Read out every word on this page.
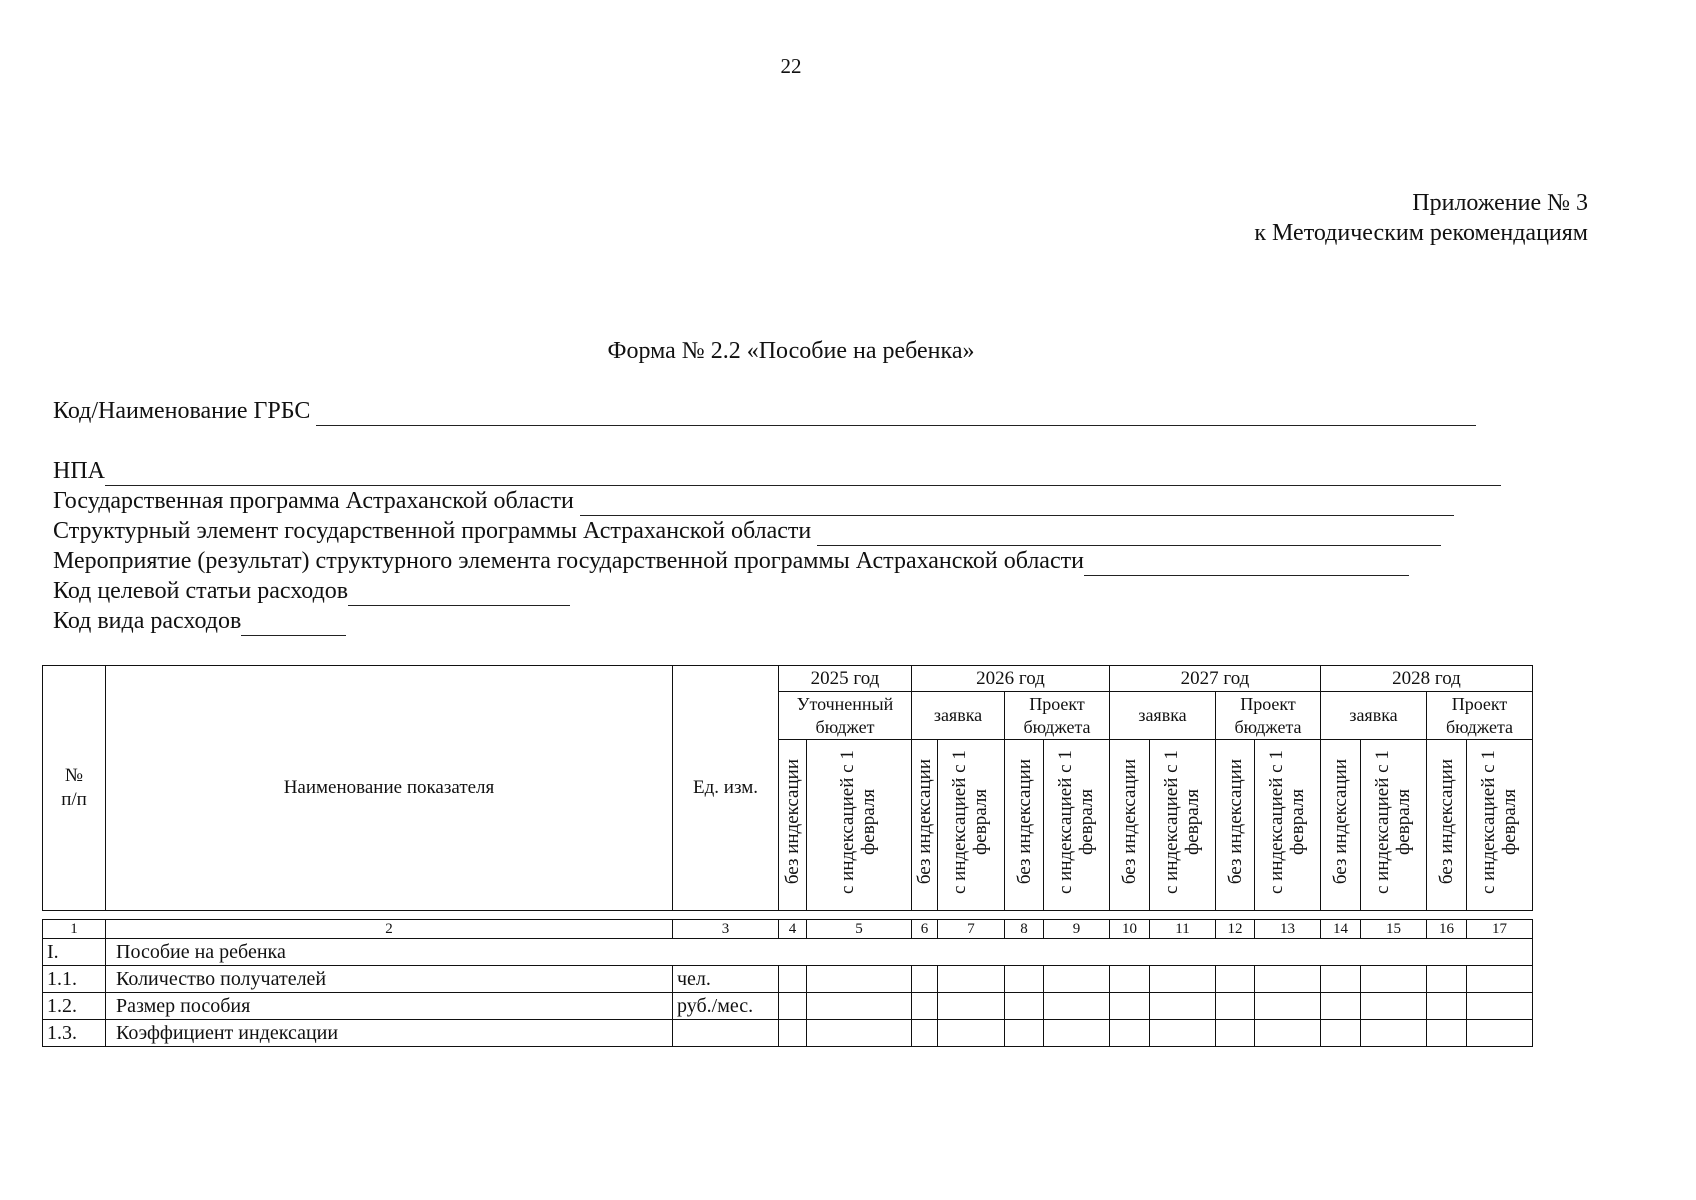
22
Приложение № 3
к Методическим рекомендациям
Форма № 2.2 «Пособие на ребенка»
Код/Наименование ГРБС
НПА
Государственная программа Астраханской области
Структурный элемент государственной программы Астраханской области
Мероприятие (результат) структурного элемента государственной программы Астраханской области
Код целевой статьи расходов
Код вида расходов
№ п/п	Наименование показателя	Ед. изм.	2025 год		2026 год				2027 год				2028 год			
			Уточненный бюджет		заявка		Проект бюджета		заявка		Проект бюджета		заявка		Проект бюджета	
			без индексации	с индексацией с 1 февраля	без индексации	с индексацией с 1 февраля	без индексации	с индексацией с 1 февраля	без индексации	с индексацией с 1 февраля	без индексации	с индексацией с 1 февраля	без индексации	с индексацией с 1 февраля	без индексации	с индексацией с 1 февраля

1	2	3	4	5	6	7	8	9	10	11	12	13	14	15	16	17
I.	Пособие на ребенка															
1.1.	Количество получателей	чел.														
1.2.	Размер пособия	руб./мес.														
1.3.	Коэффициент индексации															
